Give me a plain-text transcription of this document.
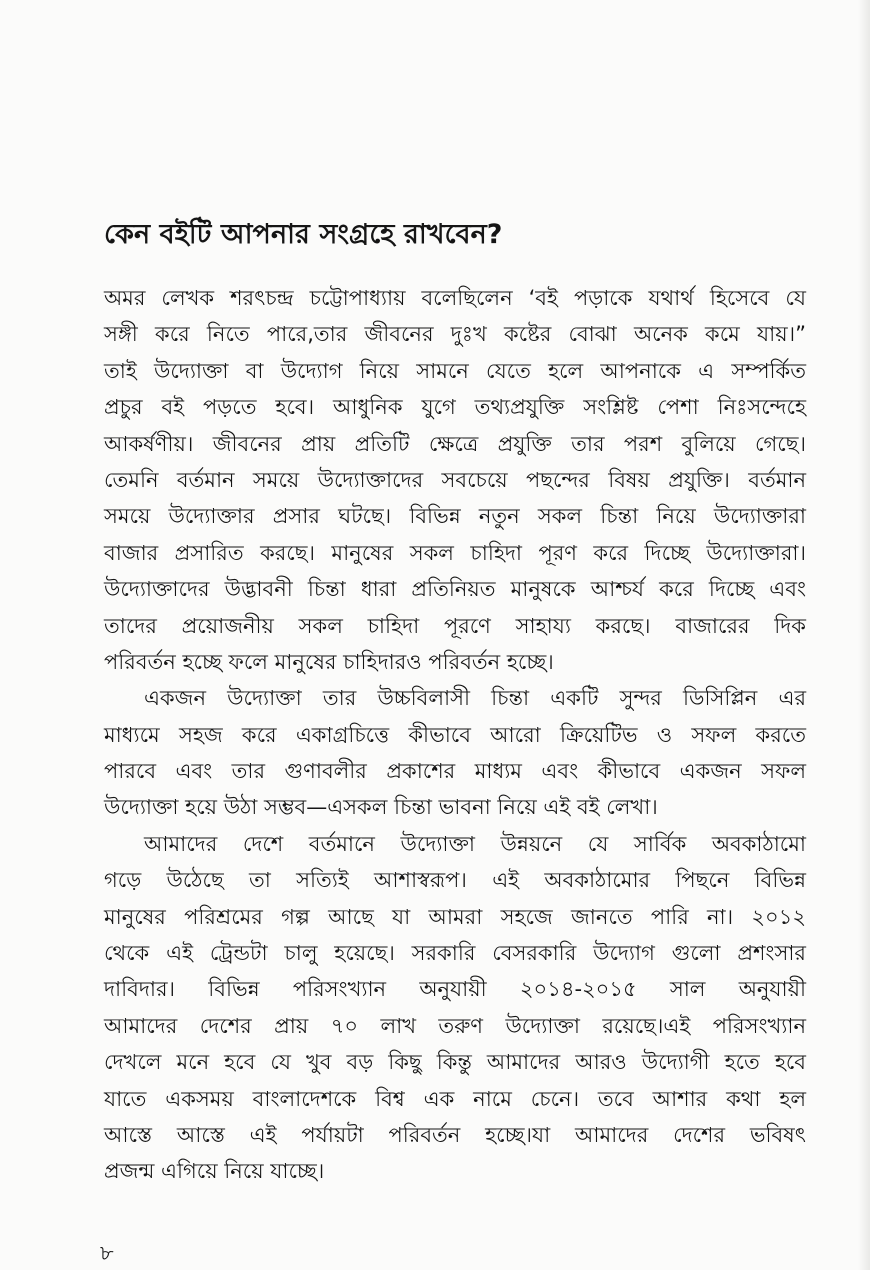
কেন বইটি আপনার সংগ্রহে রাখবেন?
অমর লেখক শরৎচন্দ্র চট্টোপাধ্যায় বলেছিলেন ‘বই পড়াকে যথার্থ হিসেবে যে
সঙ্গী করে নিতে পারে,তার জীবনের দুঃখ কষ্টের বোঝা অনেক কমে যায়।”
তাই উদ্যোক্তা বা উদ্যোগ নিয়ে সামনে যেতে হলে আপনাকে এ সম্পর্কিত
প্রচুর বই পড়তে হবে। আধুনিক যুগে তথ্যপ্রযুক্তি সংশ্লিষ্ট পেশা নিঃসন্দেহে
আকর্ষণীয়। জীবনের প্রায় প্রতিটি ক্ষেত্রে প্রযুক্তি তার পরশ বুলিয়ে গেছে।
তেমনি বর্তমান সময়ে উদ্যোক্তাদের সবচেয়ে পছন্দের বিষয় প্রযুক্তি। বর্তমান
সময়ে উদ্যোক্তার প্রসার ঘটছে। বিভিন্ন নতুন সকল চিন্তা নিয়ে উদ্যোক্তারা
বাজার প্রসারিত করছে। মানুষের সকল চাহিদা পূরণ করে দিচ্ছে উদ্যোক্তারা।
উদ্যোক্তাদের উদ্ভাবনী চিন্তা ধারা প্রতিনিয়ত মানুষকে আশ্চর্য করে দিচ্ছে এবং
তাদের প্রয়োজনীয় সকল চাহিদা পূরণে সাহায্য করছে। বাজারের দিক
পরিবর্তন হচ্ছে ফলে মানুষের চাহিদারও পরিবর্তন হচ্ছে।
একজন উদ্যোক্তা তার উচ্চবিলাসী চিন্তা একটি সুন্দর ডিসিপ্লিন এর
মাধ্যমে সহজ করে একাগ্রচিত্তে কীভাবে আরো ক্রিয়েটিভ ও সফল করতে
পারবে এবং তার গুণাবলীর প্রকাশের মাধ্যম এবং কীভাবে একজন সফল
উদ্যোক্তা হয়ে উঠা সম্ভব—এসকল চিন্তা ভাবনা নিয়ে এই বই লেখা।
আমাদের দেশে বর্তমানে উদ্যোক্তা উন্নয়নে যে সার্বিক অবকাঠামো
গড়ে উঠেছে তা সত্যিই আশাস্বরূপ। এই অবকাঠামোর পিছনে বিভিন্ন
মানুষের পরিশ্রমের গল্প আছে যা আমরা সহজে জানতে পারি না। ২০১২
থেকে এই ট্রেন্ডটা চালু হয়েছে। সরকারি বেসরকারি উদ্যোগ গুলো প্রশংসার
দাবিদার। বিভিন্ন পরিসংখ্যান অনুযায়ী ২০১৪-২০১৫ সাল অনুযায়ী
আমাদের দেশের প্রায় ৭০ লাখ তরুণ উদ্যোক্তা রয়েছে।এই পরিসংখ্যান
দেখলে মনে হবে যে খুব বড় কিছু কিন্তু আমাদের আরও উদ্যোগী হতে হবে
যাতে একসময় বাংলাদেশকে বিশ্ব এক নামে চেনে। তবে আশার কথা হল
আস্তে আস্তে এই পর্যায়টা পরিবর্তন হচ্ছে।যা আমাদের দেশের ভবিষৎ
প্রজন্ম এগিয়ে নিয়ে যাচ্ছে।
৮
